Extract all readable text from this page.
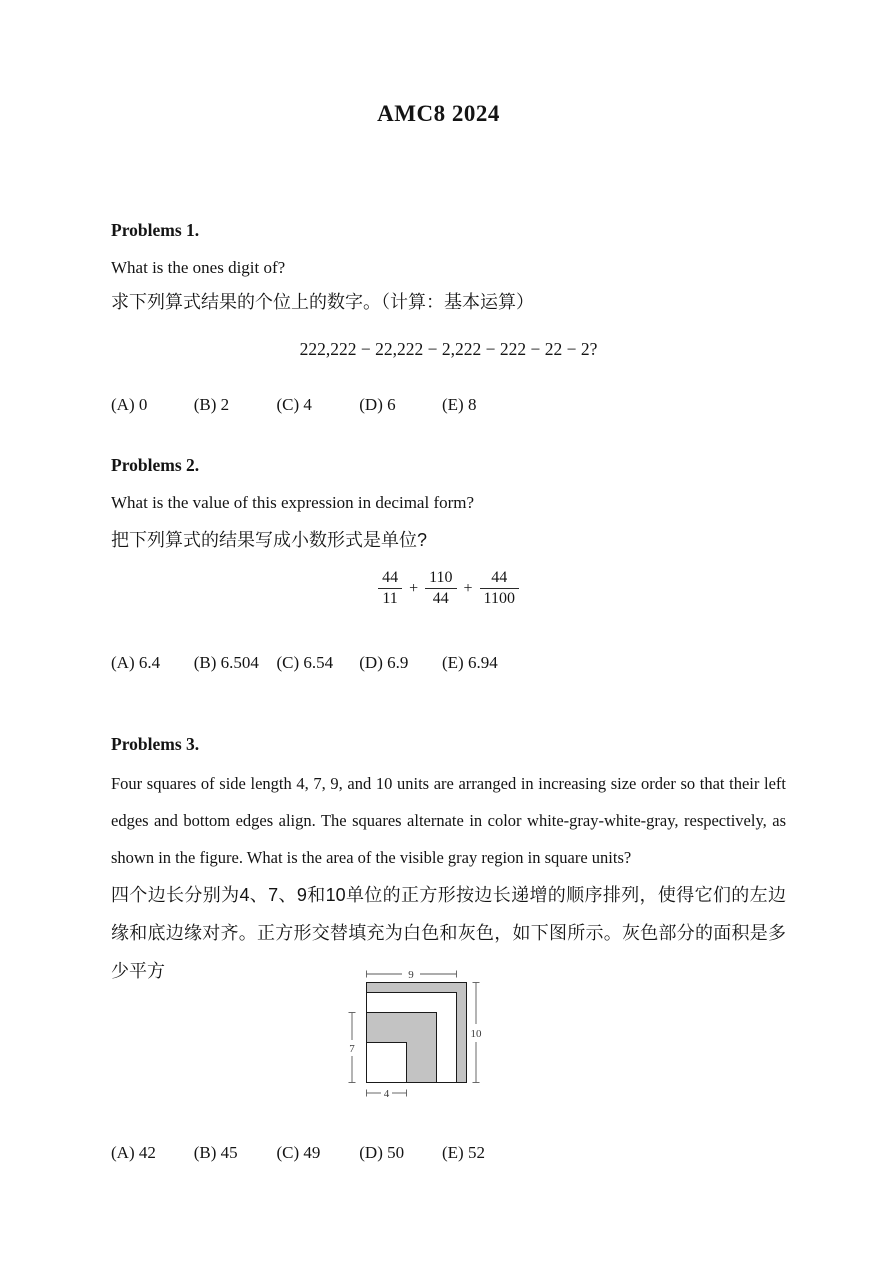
AMC8 2024
Problems 1.
What is the ones digit of?
求下列算式结果的个位上的数字。（计算：基本运算）
222,222 − 22,222 − 2,222 − 222 − 22 − 2?
(A) 0	(B) 2	(C) 4	(D) 6	(E) 8
Problems 2.
What is the value of this expression in decimal form?
把下列算式的结果写成小数形式是单位?
$\frac{44}{11} + \frac{110}{44} + \frac{44}{1100}$
(A) 6.4 (B) 6.504 (C) 6.54 (D) 6.9 (E) 6.94
Problems 3.
Four squares of side length 4, 7, 9, and 10 units are arranged in increasing size order so that their left edges and bottom edges align. The squares alternate in color white-gray-white-gray, respectively, as shown in the figure. What is the area of the visible gray region in square units?
四个边长分别为4、7、9和10单位的正方形按边长递增的顺序排列，使得它们的左边缘和底边缘对齐。正方形交替填充为白色和灰色，如下图所示。灰色部分的面积是多少平方	9
10
7
4
(A) 42 (B) 45 (C) 49 (D) 50 (E) 52
